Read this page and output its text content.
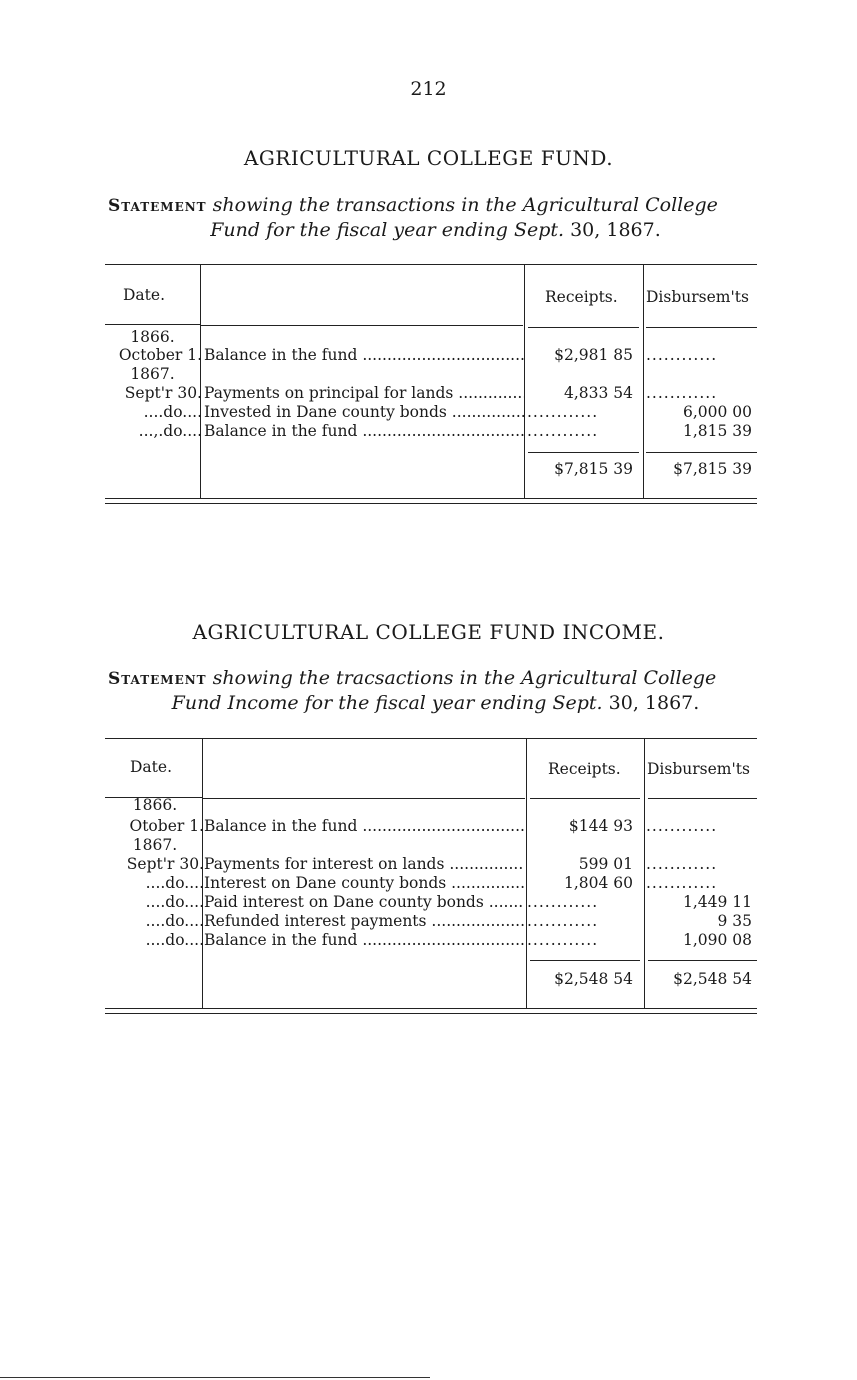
212
AGRICULTURAL COLLEGE FUND.
Statement showing the transactions in the Agricultural College
Fund for the fiscal year ending Sept. 30, 1867.
Date.	Receipts. Disbursem'ts
1866.
October 1. Balance in the fund .....	$2,981 85 ............
1867.
Sept'r 30. Payments on principal for lands .....	4,833 54 ............
....do.... Invested in Dane county bonds .....	............	6,000 00
...,.do.... Balance in the fund .....	............	1,815 39
$7,815 39	$7,815 39
AGRICULTURAL COLLEGE FUND INCOME.
Statement showing the tracsactions in the Agricultural College
Fund Income for the fiscal year ending Sept. 30, 1867.
Date.	Receipts. Disbursem'ts
1866.
Otober 1. Balance in the fund .....	$144 93 ............
1867.
Sept'r 30. Payments for interest on lands .....	599 01 ............
....do.... Interest on Dane county bonds .....	1,804 60 ............
....do.... Paid interest on Dane county bonds .....	............	1,449 11
....do.... Refunded interest payments .....	............	9 35
....do.... Balance in the fund .....	............	1,090 08
$2,548 54	$2,548 54
